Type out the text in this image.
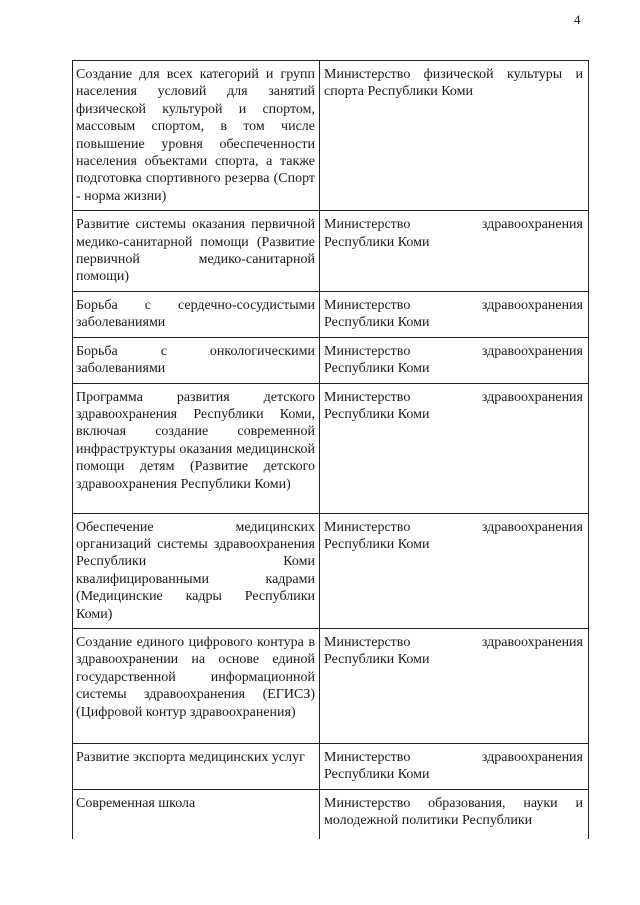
4
Создание для всех категорий и групп населения условий для занятий физической культурой и спортом, массовым спортом, в том числе повышение уровня обеспеченности населения объектами спорта, а также подготовка спортивного резерва (Спорт - норма жизни)	Министерство физической культуры и спорта Республики Коми
Развитие системы оказания первичной медико-санитарной помощи (Развитие первичной медико-санитарной помощи)	Министерство здравоохранения Республики Коми
Борьба с сердечно-сосудистыми заболеваниями	Министерство здравоохранения Республики Коми
Борьба с онкологическими заболеваниями	Министерство здравоохранения Республики Коми
Программа развития детского здравоохранения Республики Коми, включая создание современной инфраструктуры оказания медицинской помощи детям (Развитие детского здравоохранения Республики Коми)	Министерство здравоохранения Республики Коми
Обеспечение медицинских организаций системы здравоохранения Республики Коми квалифицированными кадрами (Медицинские кадры Республики Коми)	Министерство здравоохранения Республики Коми
Создание единого цифрового контура в здравоохранении на основе единой государственной информационной системы здравоохранения (ЕГИСЗ) (Цифровой контур здравоохранения)	Министерство здравоохранения Республики Коми
Развитие экспорта медицинских услуг	Министерство здравоохранения Республики Коми
Современная школа	Министерство образования, науки и молодежной политики Республики
